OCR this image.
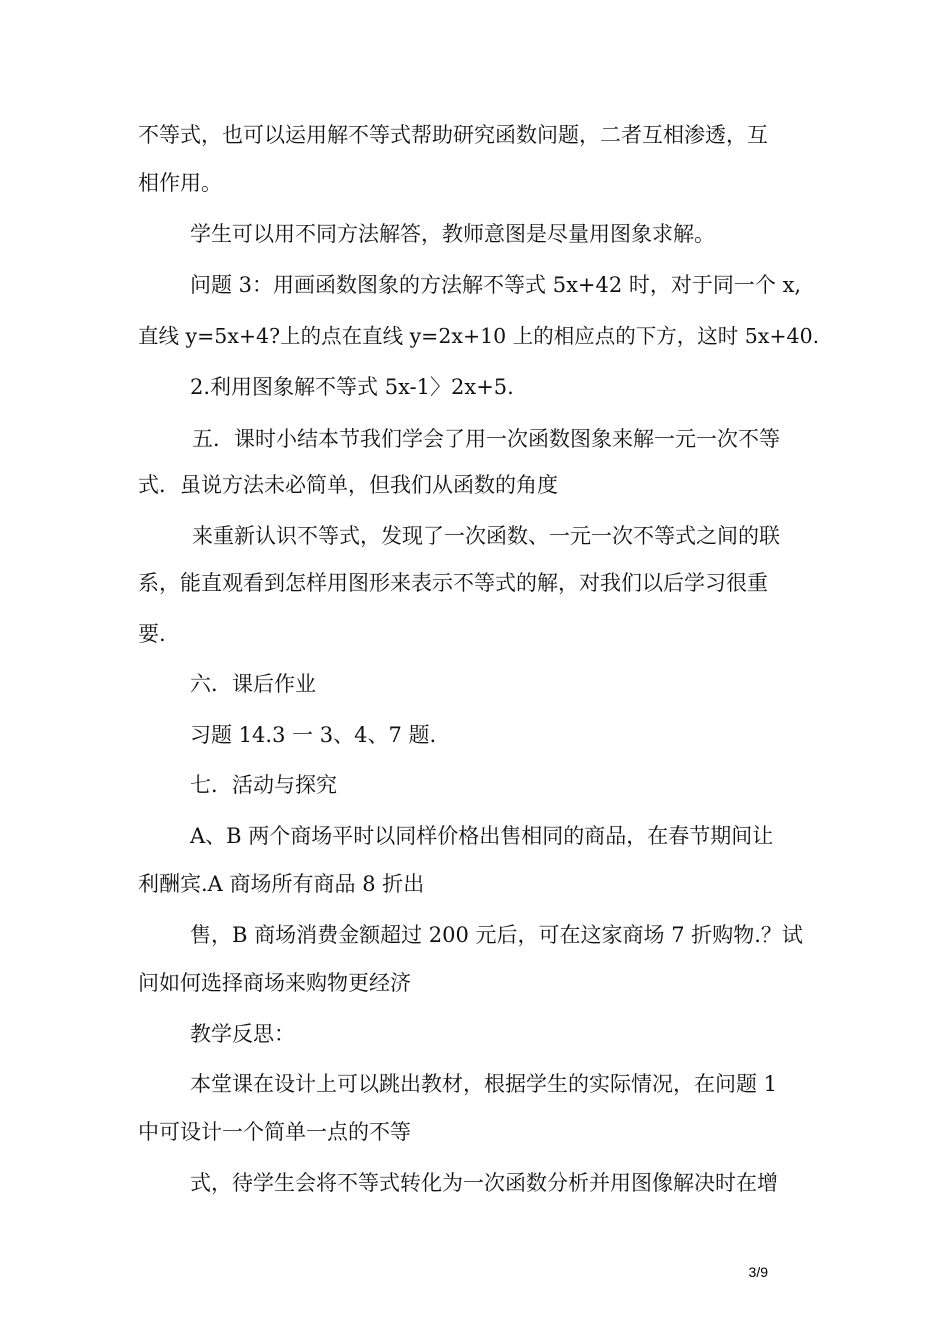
不等式，也可以运用解不等式帮助研究函数问题，二者互相渗透，互
相作用。
学生可以用不同方法解答，教师意图是尽量用图象求解。
问题 3：用画函数图象的方法解不等式 5x+42 时，对于同一个 x,
直线 y=5x+4?上的点在直线 y=2x+10 上的相应点的下方，这时 5x+40.
2.利用图象解不等式 5x-1〉2x+5.
五．课时小结本节我们学会了用一次函数图象来解一元一次不等
式．虽说方法未必简单，但我们从函数的角度
来重新认识不等式，发现了一次函数、一元一次不等式之间的联
系，能直观看到怎样用图形来表示不等式的解，对我们以后学习很重
要.
六．课后作业
习题 14.3 一 3、4、7 题.
七．活动与探究
A、B 两个商场平时以同样价格出售相同的商品，在春节期间让
利酬宾.A 商场所有商品 8 折出
售，B 商场消费金额超过 200 元后，可在这家商场 7 折购物.？试
问如何选择商场来购物更经济
教学反思：
本堂课在设计上可以跳出教材，根据学生的实际情况，在问题 1
中可设计一个简单一点的不等
式，待学生会将不等式转化为一次函数分析并用图像解决时在增
3/9
